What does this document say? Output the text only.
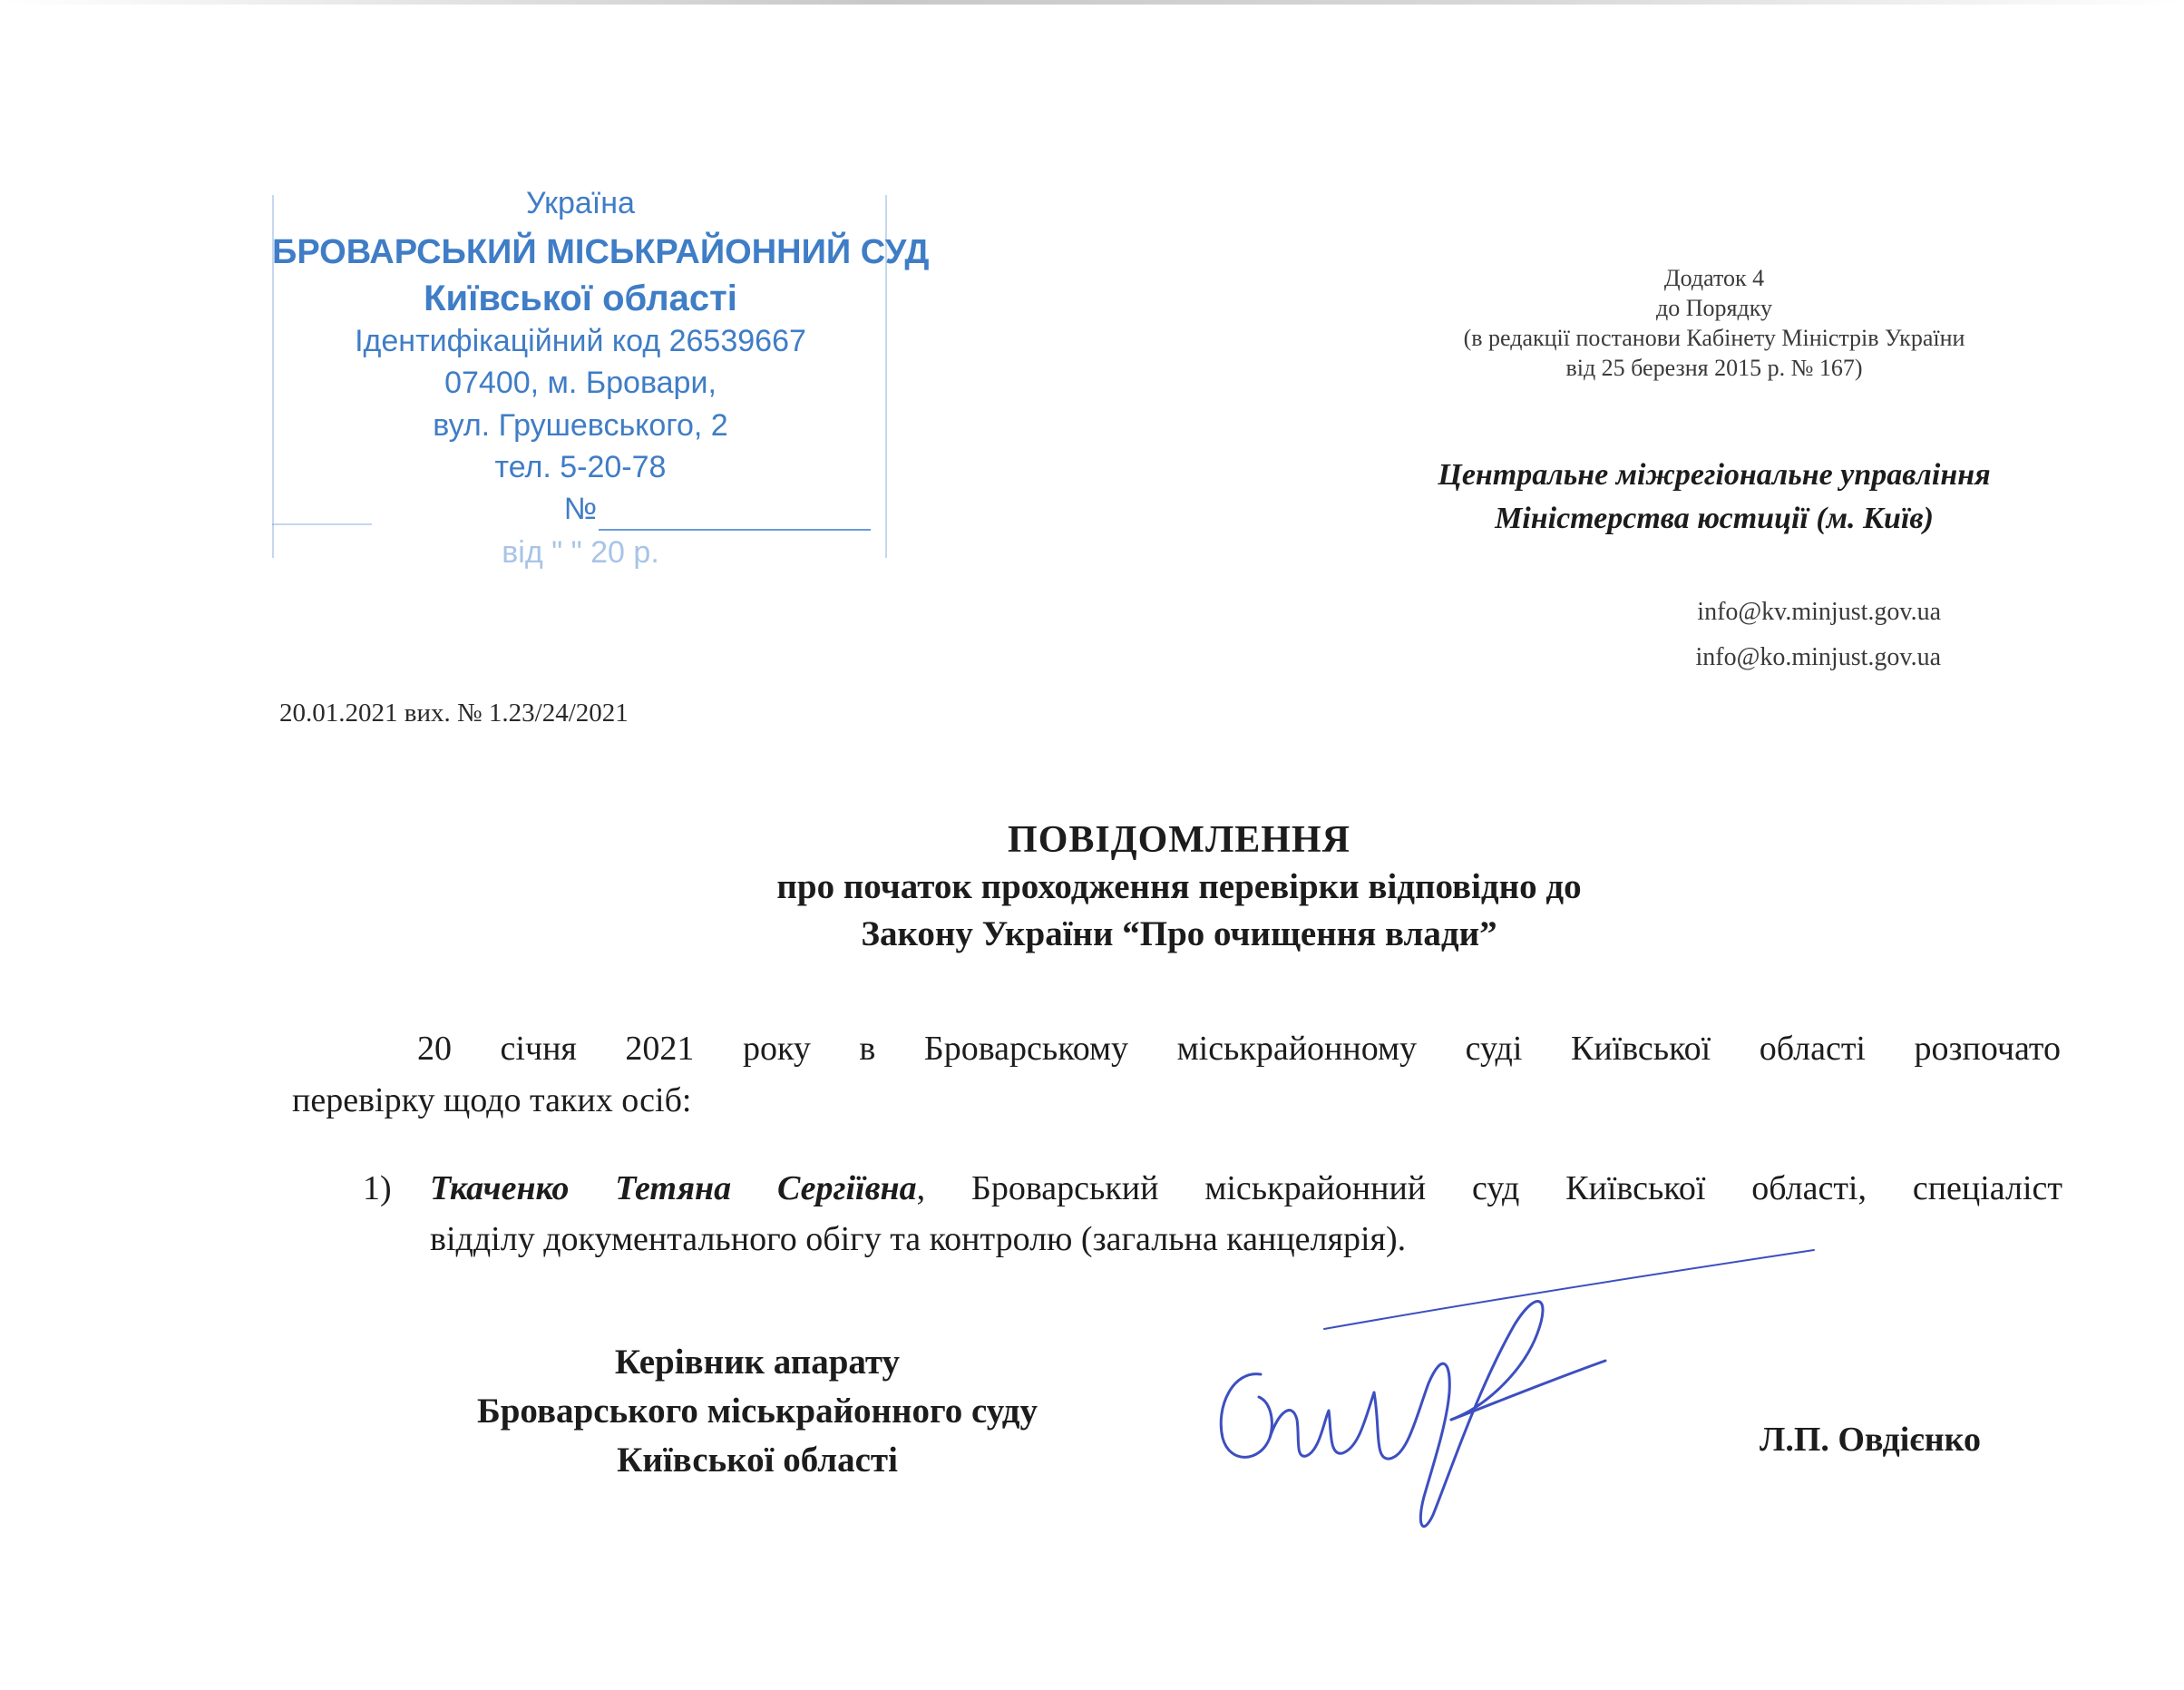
Україна
БРОВАРСЬКИЙ МІСЬКРАЙОННИЙ СУД
Київської області
Ідентифікаційний код 26539667
07400, м. Бровари,
вул. Грушевського, 2
тел. 5-20-78
№
від " " 20 р.
Додаток 4
до Порядку
(в редакції постанови Кабінету Міністрів України
від 25 березня 2015 р. № 167)
Центральне міжрегіональне управління
Міністерства юстиції (м. Київ)
info@kv.minjust.gov.ua
info@ko.minjust.gov.ua
20.01.2021 вих. № 1.23/24/2021
ПОВІДОМЛЕННЯ
про початок проходження перевірки відповідно до
Закону України “Про очищення влади”
20 січня 2021 року в Броварському міськрайонному суді Київської області розпочато
перевірку щодо таких осіб:
1) Ткаченко Тетяна Сергіївна, Броварський міськрайонний суд Київської області, спеціаліст
відділу документального обігу та контролю (загальна канцелярія).
Керівник апарату
Броварського міськрайонного суду
Київської області
Л.П. Овдієнко
